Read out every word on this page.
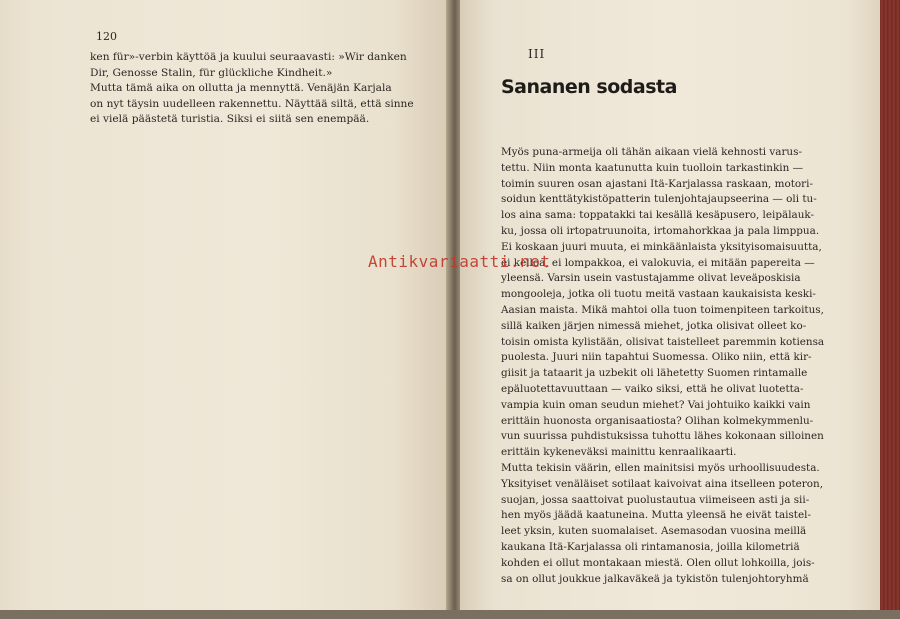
120
ken für»-verbin käyttöä ja kuului seuraavasti: »Wir danken
Dir, Genosse Stalin, für glückliche Kindheit.»
Mutta tämä aika on ollutta ja mennyttä. Venäjän Karjala
on nyt täysin uudelleen rakennettu. Näyttää siltä, että sinne
ei vielä päästetä turistia. Siksi ei siitä sen enempää.
III
Sananen sodasta
Myös puna-armeija oli tähän aikaan vielä kehnosti varus-
tettu. Niin monta kaatunutta kuin tuolloin tarkastinkin —
toimin suuren osan ajastani Itä-Karjalassa raskaan, motori-
soidun kenttätykistöpatterin tulenjohtajaupseerina — oli tu-
los aina sama: toppatakki tai kesällä kesäpusero, leipälauk-
ku, jossa oli irtopatruunoita, irtomahorkkaa ja pala limppua.
Ei koskaan juuri muuta, ei minkäänlaista yksityisomaisuutta,
ei kelloa, ei lompakkoa, ei valokuvia, ei mitään papereita —
yleensä. Varsin usein vastustajamme olivat leveäposkisia
mongooleja, jotka oli tuotu meitä vastaan kaukaisista keski-
Aasian maista. Mikä mahtoi olla tuon toimenpiteen tarkoitus,
sillä kaiken järjen nimessä miehet, jotka olisivat olleet ko-
toisin omista kylistään, olisivat taistelleet paremmin kotiensa
puolesta. Juuri niin tapahtui Suomessa. Oliko niin, että kir-
giisit ja tataarit ja uzbekit oli lähetetty Suomen rintamalle
epäluotettavuuttaan — vaiko siksi, että he olivat luotetta-
vampia kuin oman seudun miehet? Vai johtuiko kaikki vain
erittäin huonosta organisaatiosta? Olihan kolmekymmenlu-
vun suurissa puhdistuksissa tuhottu lähes kokonaan silloinen
erittäin kykeneväksi mainittu kenraalikaarti.
Mutta tekisin väärin, ellen mainitsisi myös urhoollisuudesta.
Yksityiset venäläiset sotilaat kaivoivat aina itselleen poteron,
suojan, jossa saattoivat puolustautua viimeiseen asti ja sii-
hen myös jäädä kaatuneina. Mutta yleensä he eivät taistel-
leet yksin, kuten suomalaiset. Asemasodan vuosina meillä
kaukana Itä-Karjalassa oli rintamanosia, joilla kilometriä
kohden ei ollut montakaan miestä. Olen ollut lohkoilla, jois-
sa on ollut joukkue jalkaväkeä ja tykistön tulenjohtoryhmä
Antikvariaatti.net
